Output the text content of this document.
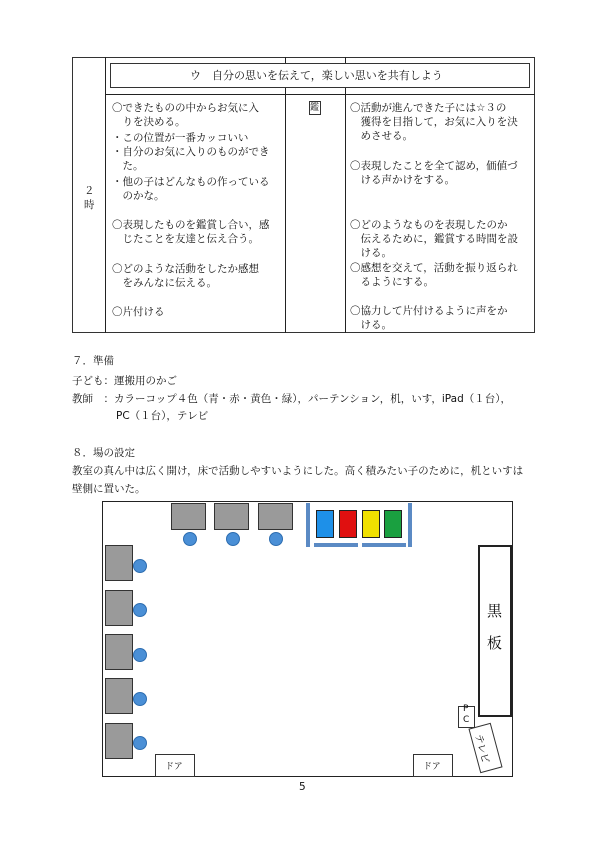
ウ　自分の思いを伝えて，楽しい思いを共有しよう
２
時
〇できたものの中からお気に入
　りを決める。
・この位置が一番カッコいい
・自分のお気に入りのものができ
　た。
・他の子はどんなもの作っている
　のかな。
〇表現したものを鑑賞し合い，感
　じたことを友達と伝え合う。
〇どのような活動をしたか感想
　をみんなに伝える。
〇片付ける
鑑	〇活動が進んできた子には☆３の
　獲得を目指して，お気に入りを決
　めさせる。
〇表現したことを全て認め，価値づ
　ける声かけをする。
〇どのようなものを表現したのか
　伝えるために，鑑賞する時間を設
　ける。
〇感想を交えて，活動を振り返られ
　るようにする。
〇協力して片付けるように声をか
　ける。
７．準備
子ども：運搬用のかご
教師　：カラーコップ４色（青・赤・黄色・緑），パーテンション，机，いす，iPad（１台），
PC（１台），テレビ
８．場の設定
教室の真ん中は広く開け，床で活動しやすいようにした。高く積みたい子のために，机といすは
壁側に置いた。
黒
板
P
C
テレビ
ドア	ドア
5
